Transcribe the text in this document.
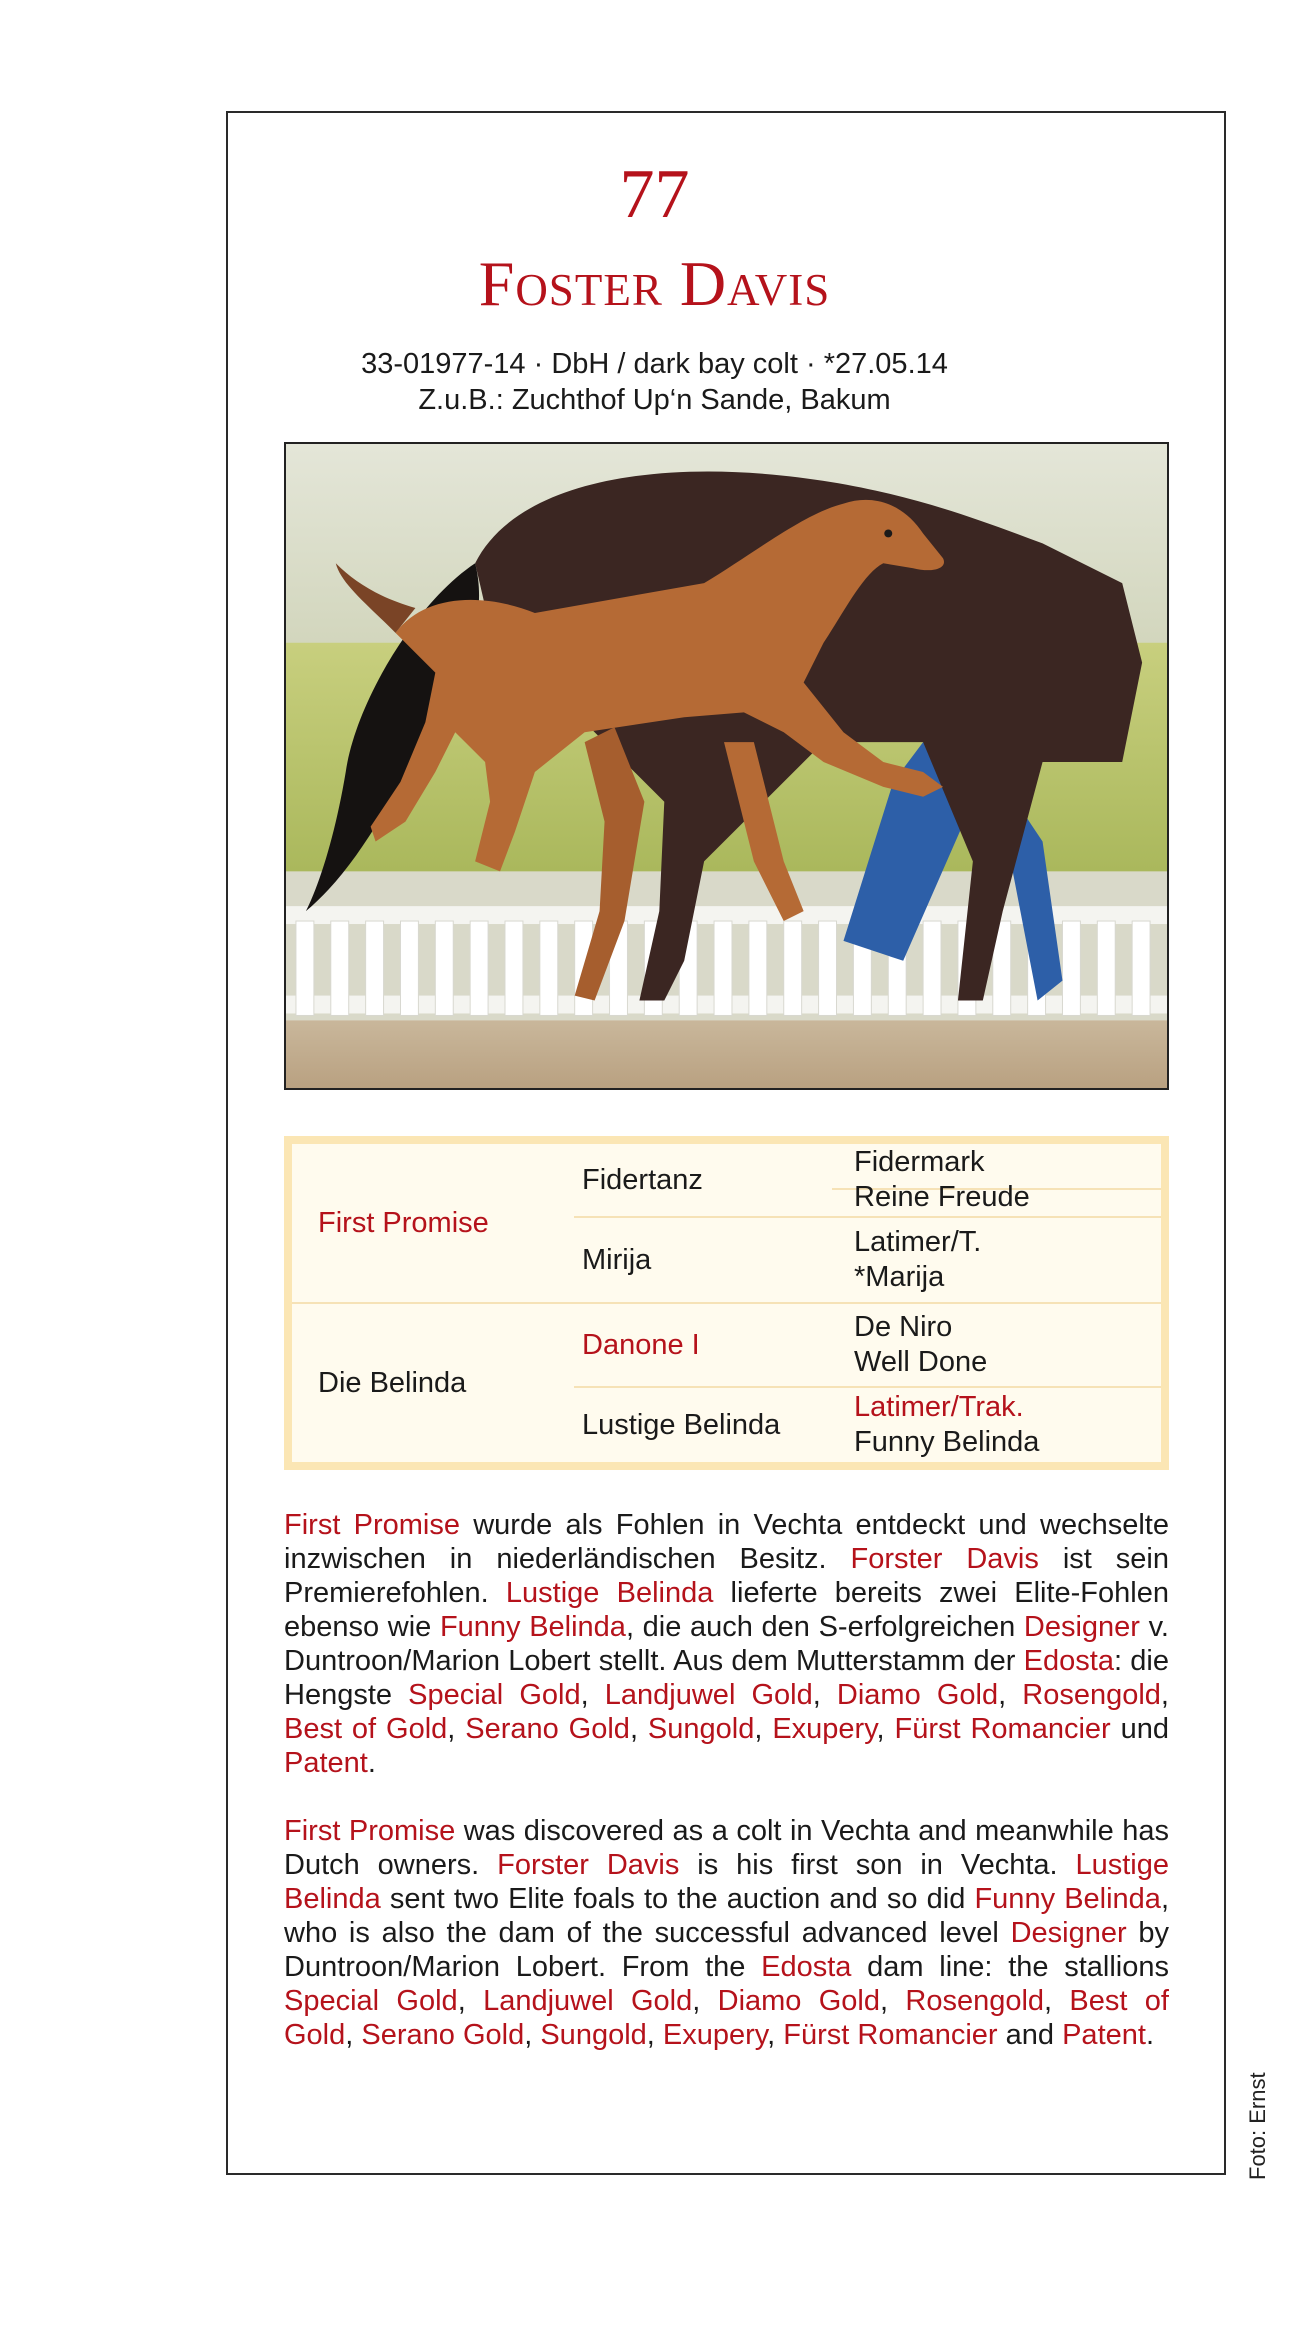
77
Foster Davis
33-01977-14 · DbH / dark bay colt · *27.05.14
Z.u.B.: Zuchthof Up‘n Sande, Bakum
First Promise
Fidertanz
Fidermark
Reine Freude
Mirija
Latimer/T.
*Marija
Die Belinda
Danone I
De Niro
Well Done
Lustige Belinda
Latimer/Trak.
Funny Belinda
First Promise wurde als Fohlen in Vechta entdeckt und wechselte inzwischen in niederländischen Besitz. Forster Davis ist sein Premierefohlen. Lustige Belinda lieferte bereits zwei Elite-Fohlen ebenso wie Funny Belinda, die auch den S-erfolgreichen Designer v. Duntroon/Marion Lobert stellt. Aus dem Mutterstamm der Edosta: die Hengste Special Gold, Landjuwel Gold, Diamo Gold, Rosengold, Best of Gold, Serano Gold, Sungold, Exupery, Fürst Romancier und Patent.
First Promise was discovered as a colt in Vechta and meanwhile has Dutch owners. Forster Davis is his first son in Vechta. Lustige Belinda sent two Elite foals to the auction and so did Funny Belinda, who is also the dam of the successful advanced level Designer by Duntroon/Marion Lobert. From the Edosta dam line: the stallions Special Gold, Landjuwel Gold, Diamo Gold, Rosengold, Best of Gold, Serano Gold, Sungold, Exupery, Fürst Romancier and Patent.
Foto: Ernst
